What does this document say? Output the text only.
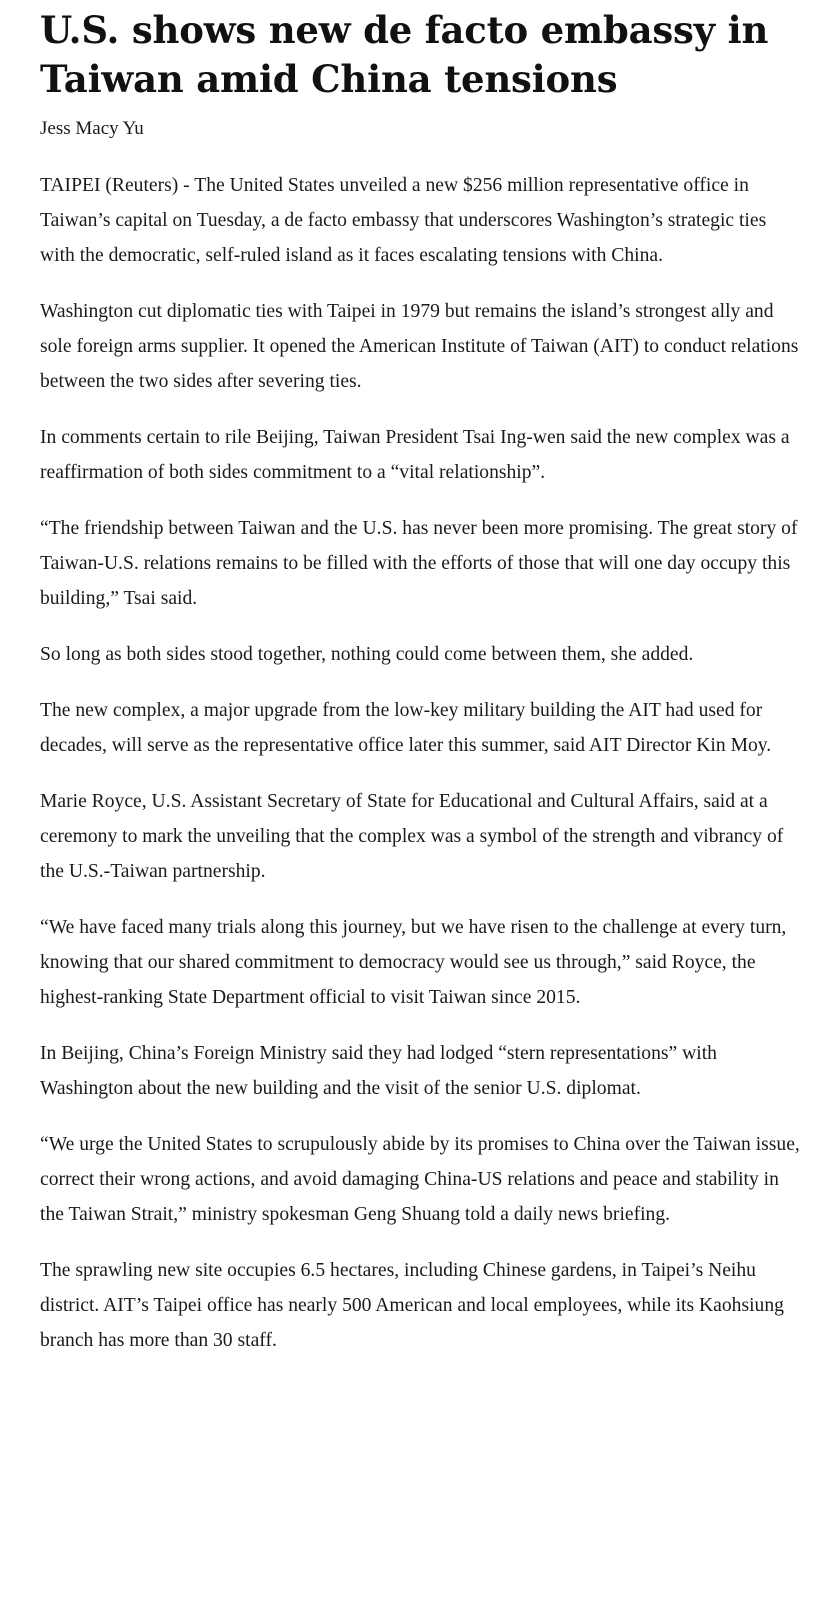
U.S. shows new de facto embassy in Taiwan amid China tensions
Jess Macy Yu

TAIPEI (Reuters) - The United States unveiled a new $256 million representative office in Taiwan’s capital on Tuesday, a de facto embassy that underscores Washington’s strategic ties with the democratic, self-ruled island as it faces escalating tensions with China.

Washington cut diplomatic ties with Taipei in 1979 but remains the island’s strongest ally and sole foreign arms supplier. It opened the American Institute of Taiwan (AIT) to conduct relations between the two sides after severing ties.

In comments certain to rile Beijing, Taiwan President Tsai Ing-wen said the new complex was a reaffirmation of both sides commitment to a “vital relationship”.

“The friendship between Taiwan and the U.S. has never been more promising. The great story of Taiwan-U.S. relations remains to be filled with the efforts of those that will one day occupy this building,” Tsai said.

So long as both sides stood together, nothing could come between them, she added.

The new complex, a major upgrade from the low-key military building the AIT had used for decades, will serve as the representative office later this summer, said AIT Director Kin Moy.

Marie Royce, U.S. Assistant Secretary of State for Educational and Cultural Affairs, said at a ceremony to mark the unveiling that the complex was a symbol of the strength and vibrancy of the U.S.-Taiwan partnership.

“We have faced many trials along this journey, but we have risen to the challenge at every turn, knowing that our shared commitment to democracy would see us through,” said Royce, the highest-ranking State Department official to visit Taiwan since 2015.

In Beijing, China’s Foreign Ministry said they had lodged “stern representations” with Washington about the new building and the visit of the senior U.S. diplomat.

“We urge the United States to scrupulously abide by its promises to China over the Taiwan issue, correct their wrong actions, and avoid damaging China-US relations and peace and stability in the Taiwan Strait,” ministry spokesman Geng Shuang told a daily news briefing.

The sprawling new site occupies 6.5 hectares, including Chinese gardens, in Taipei’s Neihu district. AIT’s Taipei office has nearly 500 American and local employees, while its Kaohsiung branch has more than 30 staff.
